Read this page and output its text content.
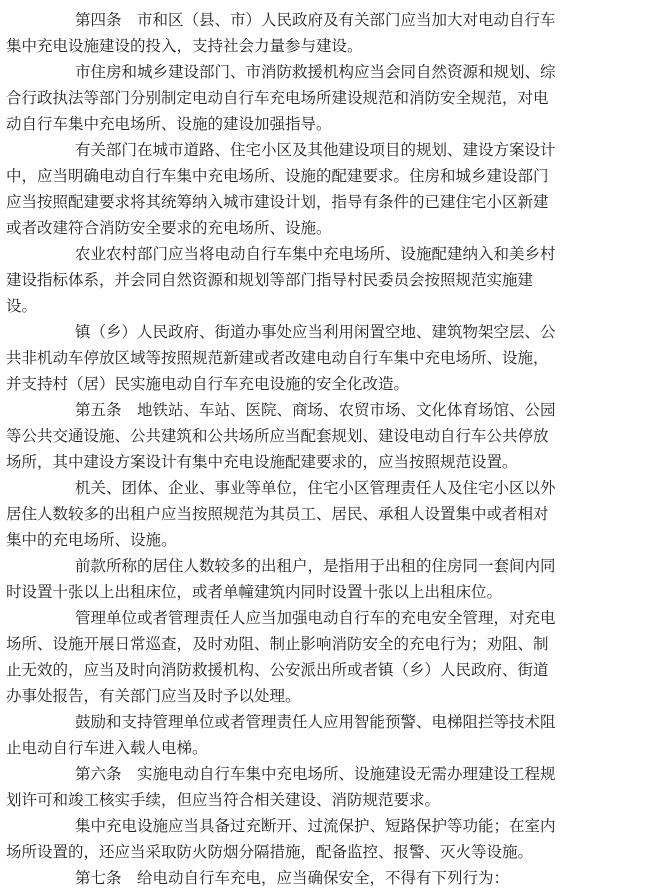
第四条　市和区（县、市）人民政府及有关部门应当加大对电动自行车
集中充电设施建设的投入，支持社会力量参与建设。
市住房和城乡建设部门、市消防救援机构应当会同自然资源和规划、综
合行政执法等部门分别制定电动自行车充电场所建设规范和消防安全规范，对电
动自行车集中充电场所、设施的建设加强指导。
有关部门在城市道路、住宅小区及其他建设项目的规划、建设方案设计
中，应当明确电动自行车集中充电场所、设施的配建要求。住房和城乡建设部门
应当按照配建要求将其统筹纳入城市建设计划，指导有条件的已建住宅小区新建
或者改建符合消防安全要求的充电场所、设施。
农业农村部门应当将电动自行车集中充电场所、设施配建纳入和美乡村
建设指标体系，并会同自然资源和规划等部门指导村民委员会按照规范实施建
设。
镇（乡）人民政府、街道办事处应当利用闲置空地、建筑物架空层、公
共非机动车停放区域等按照规范新建或者改建电动自行车集中充电场所、设施，
并支持村（居）民实施电动自行车充电设施的安全化改造。
第五条　地铁站、车站、医院、商场、农贸市场、文化体育场馆、公园
等公共交通设施、公共建筑和公共场所应当配套规划、建设电动自行车公共停放
场所，其中建设方案设计有集中充电设施配建要求的，应当按照规范设置。
机关、团体、企业、事业等单位，住宅小区管理责任人及住宅小区以外
居住人数较多的出租户应当按照规范为其员工、居民、承租人设置集中或者相对
集中的充电场所、设施。
前款所称的居住人数较多的出租户，是指用于出租的住房同一套间内同
时设置十张以上出租床位，或者单幢建筑内同时设置十张以上出租床位。
管理单位或者管理责任人应当加强电动自行车的充电安全管理，对充电
场所、设施开展日常巡查，及时劝阻、制止影响消防安全的充电行为；劝阻、制
止无效的，应当及时向消防救援机构、公安派出所或者镇（乡）人民政府、街道
办事处报告，有关部门应当及时予以处理。
鼓励和支持管理单位或者管理责任人应用智能预警、电梯阻拦等技术阻
止电动自行车进入载人电梯。
第六条　实施电动自行车集中充电场所、设施建设无需办理建设工程规
划许可和竣工核实手续，但应当符合相关建设、消防规范要求。
集中充电设施应当具备过充断开、过流保护、短路保护等功能；在室内
场所设置的，还应当采取防火防烟分隔措施，配备监控、报警、灭火等设施。
第七条　给电动自行车充电，应当确保安全，不得有下列行为：
